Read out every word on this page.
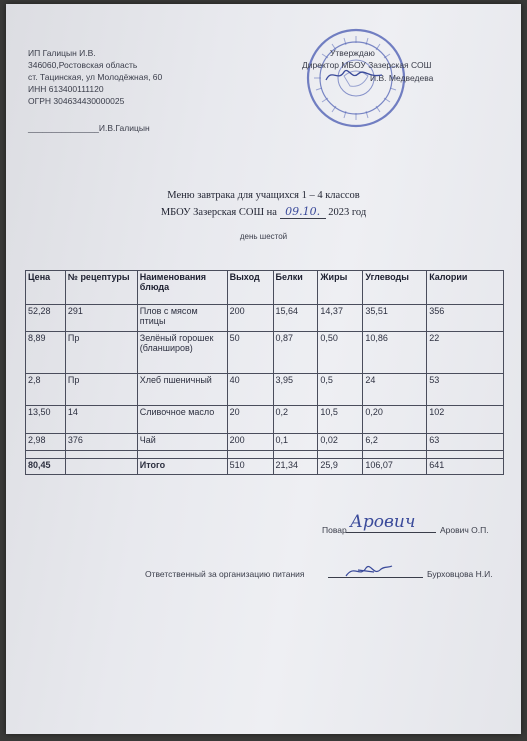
ИП Галицын И.В.
346060,Ростовская область
ст. Тацинская, ул Молодёжная, 60
ИНН 613400111120
ОГРН 304634430000025
_______________И.В.Галицын
Утверждаю
Директор МБОУ Зазерская СОШ
И.В. Медведева
Меню завтрака для учащихся 1 – 4 классов
МБОУ Зазерская СОШ на 09.10. 2023 год
день шестой
Цена	№ рецептуры	Наименования блюда	Выход	Белки	Жиры	Углеводы	Калории
52,28	291	Плов с мясом птицы	200	15,64	14,37	35,51	356
8,89	Пр	Зелёный горошек (бланширов)	50	0,87	0,50	10,86	22
2,8	Пр	Хлеб пшеничный	40	3,95	0,5	24	53
13,50	14	Сливочное масло	20	0,2	10,5	0,20	102
2,98	376	Чай	200	0,1	0,02	6,2	63

80,45		Итого	510	21,34	25,9	106,07	641
Повар Арович	Арович О.П.
Ответственный за организацию питания	Бурховцова Н.И.
